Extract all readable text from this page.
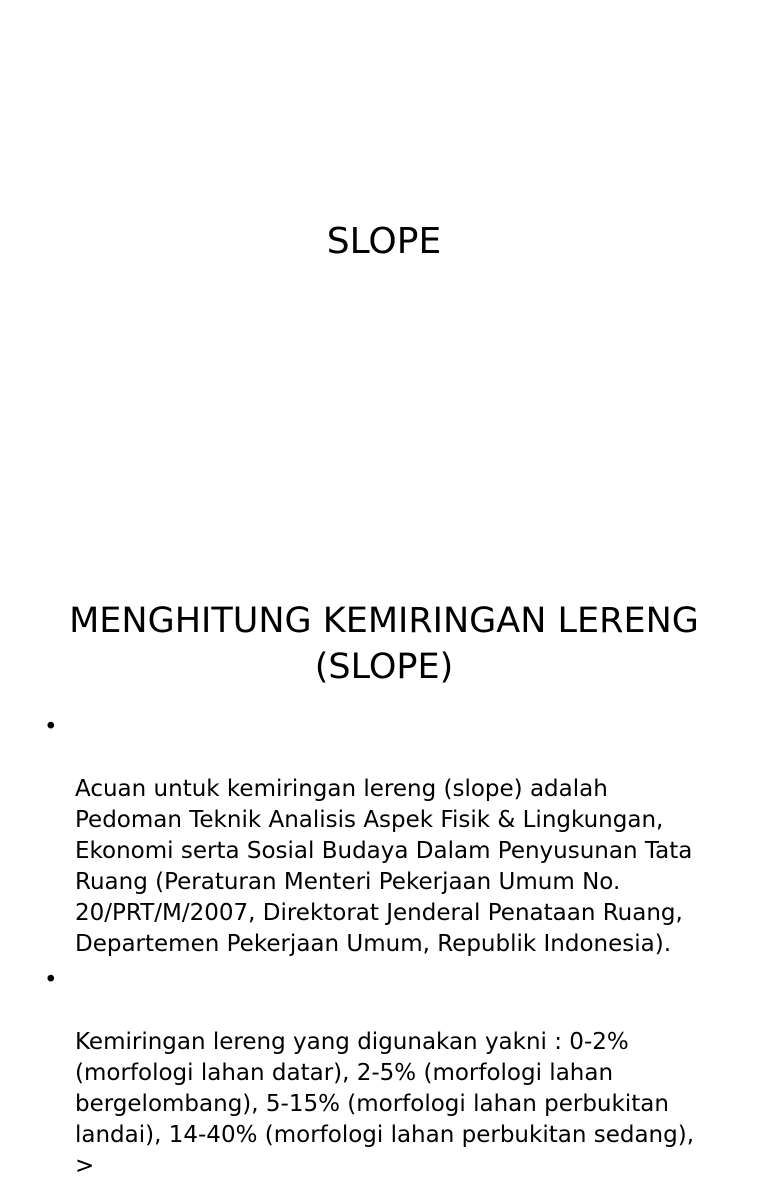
SLOPE
MENGHITUNG KEMIRINGAN LERENG
(SLOPE)

•

Acuan untuk kemiringan lereng (slope) adalah
Pedoman Teknik Analisis Aspek Fisik & Lingkungan,
Ekonomi serta Sosial Budaya Dalam Penyusunan Tata
Ruang (Peraturan Menteri Pekerjaan Umum No.
20/PRT/M/2007, Direktorat Jenderal Penataan Ruang,
Departemen Pekerjaan Umum, Republik Indonesia).

•

Kemiringan lereng yang digunakan yakni : 0-2%
(morfologi lahan datar), 2-5% (morfologi lahan
bergelombang), 5-15% (morfologi lahan perbukitan
landai), 14-40% (morfologi lahan perbukitan sedang), >
